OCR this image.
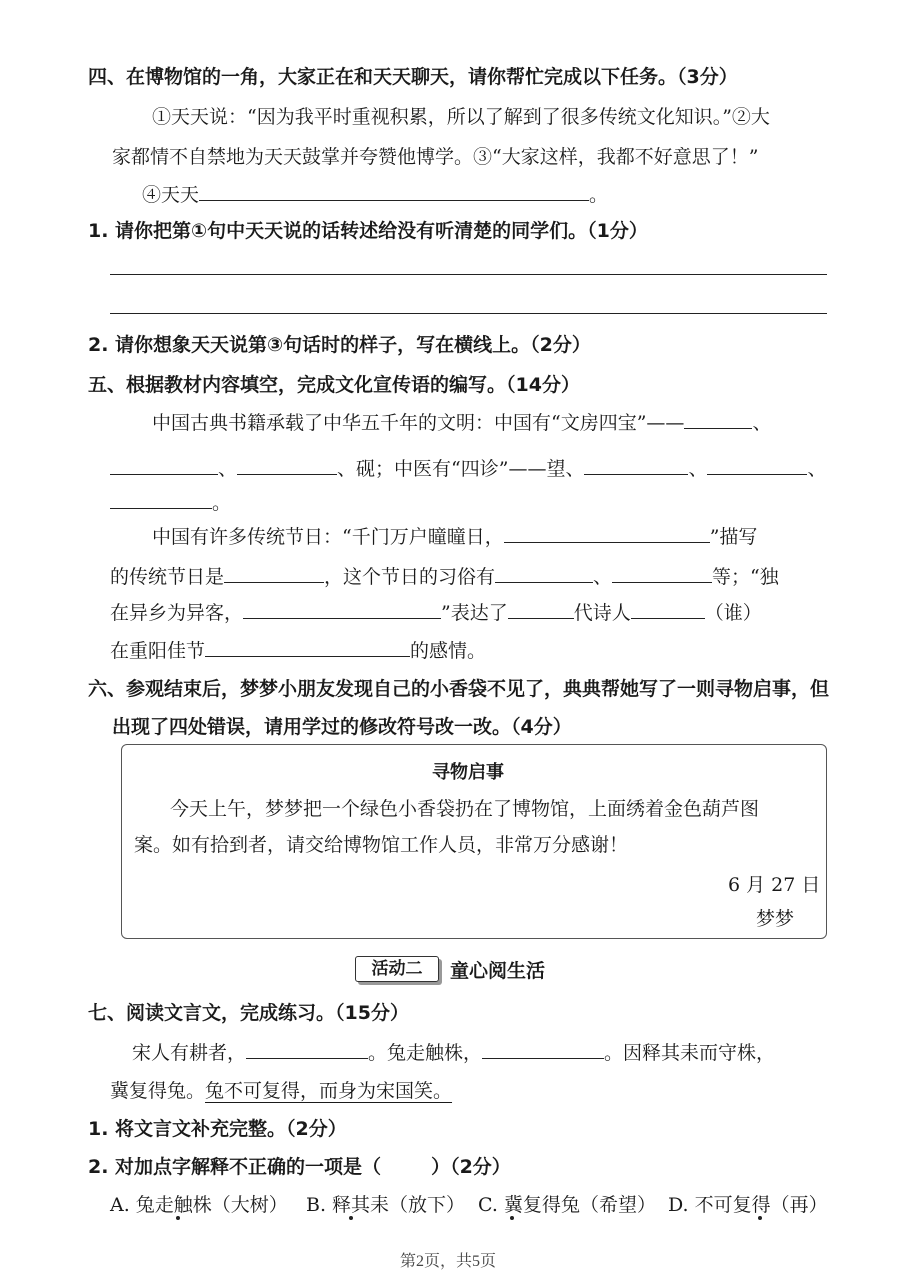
四、在博物馆的一角，大家正在和天天聊天，请你帮忙完成以下任务。（3分）
①天天说：“因为我平时重视积累，所以了解到了很多传统文化知识。”②大
家都情不自禁地为天天鼓掌并夸赞他博学。③“大家这样，我都不好意思了！”
④天天	。
1. 请你把第①句中天天说的话转述给没有听清楚的同学们。（1分）
2. 请你想象天天说第③句话时的样子，写在横线上。（2分）
五、根据教材内容填空，完成文化宣传语的编写。（14分）
中国古典书籍承载了中华五千年的文明：中国有“文房四宝”——	、
、	、砚；中医有“四诊”——望、	、	、
。
中国有许多传统节日：“千门万户曈曈日，	”描写
的传统节日是	，这个节日的习俗有	、	等；“独
在异乡为异客，	”表达了	代诗人	（谁）
在重阳佳节	的感情。
六、参观结束后，梦梦小朋友发现自己的小香袋不见了，典典帮她写了一则寻物启事，但
出现了四处错误，请用学过的修改符号改一改。（4分）
寻物启事
今天上午，梦梦把一个绿色小香袋扔在了博物馆，上面绣着金色葫芦图
案。如有拾到者，请交给博物馆工作人员，非常万分感谢！
6 月 27 日
梦梦
活动二	童心阅生活
七、阅读文言文，完成练习。（15分）
宋人有耕者，	。兔走触株，	。因释其耒而守株，
冀复得兔。兔不可复得，而身为宋国笑。
1. 将文言文补充完整。（2分）
2. 对加点字解释不正确的一项是（	）（2分）
A. 兔走触株（大树） B. 释其耒（放下） C. 冀复得兔（希望） D. 不可复得（再）
第2页，共5页
